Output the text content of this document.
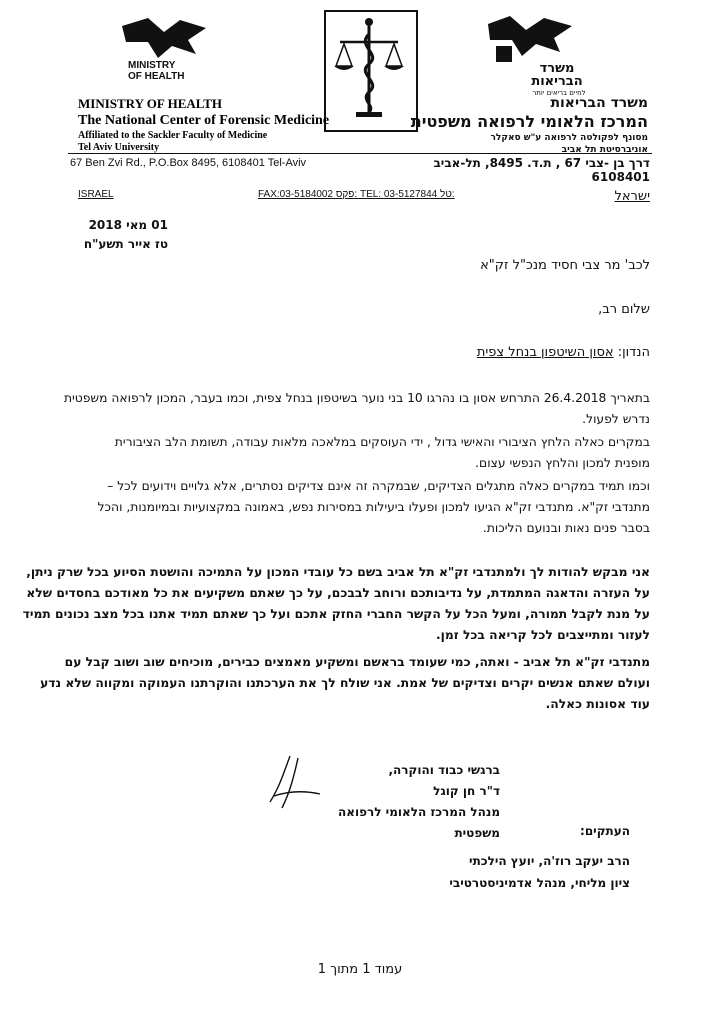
MINISTRY
OF HEALTH
משרד
הבריאות
לחיים בריאים יותר
MINISTRY OF HEALTH
The National Center of Forensic Medicine
Affiliated to the Sackler Faculty of Medicine
Tel Aviv University
משרד הבריאות
המרכז הלאומי לרפואה משפטית
מסונף לפקולטה לרפואה ע"ש סאקלר
אוניברסיטת תל אביב
67 Ben Zvi Rd., P.O.Box 8495, 6108401 Tel-Aviv	דרך בן -צבי 67 , ת.ד. 8495, תל-אביב 6108401
ISRAEL	FAX:03-5184002 פקס: TEL: 03-5127844 טל:	ישראל
01 מאי 2018
טז אייר תשע"ח
לכב' מר צבי חסיד מנכ"ל זק"א
שלום רב,
הנדון: אסון השיטפון בנחל צפית
בתאריך 26.4.2018 התרחש אסון בו נהרגו 10 בני נוער בשיטפון בנחל צפית, וכמו בעבר, המכון לרפואה משפטית
נדרש לפעול.
במקרים כאלה הלחץ הציבורי והאישי גדול , ידי העוסקים במלאכה מלאות עבודה, תשומת הלב הציבורית
מופנית למכון והלחץ הנפשי עצום.
וכמו תמיד במקרים כאלה מתגלים הצדיקים, שבמקרה זה אינם צדיקים נסתרים, אלא גלויים וידועים לכל –
מתנדבי זק"א. מתנדבי זק"א הגיעו למכון ופעלו ביעילות במסירות נפש, באמונה במקצועיות ובמיומנות, והכל
בסבר פנים נאות ובנועם הליכות.
אני מבקש להודות לך ולמתנדבי זק"א תל אביב בשם כל עובדי המכון על התמיכה והושטת הסיוע בכל שרק ניתן,
על העזרה והדאגה המתמדת, על נדיבותכם ורוחב לבבכם, על כך שאתם משקיעים את כל מאודכם בחסדים שלא
על מנת לקבל תמורה, ומעל הכל על הקשר החברי החזק אתכם ועל כך שאתם תמיד אתנו בכל מצב נכונים תמיד
לעזור ומתייצבים לכל קריאה בכל זמן.
מתנדבי זק"א תל אביב - ואתה, כמי שעומד בראשם ומשקיע מאמצים כבירים, מוכיחים שוב ושוב קבל עם
ועולם שאתם אנשים יקרים וצדיקים של אמת. אני שולח לך את הערכתנו והוקרתנו העמוקה ומקווה שלא נדע
עוד אסונות כאלה.
ברגשי כבוד והוקרה,
ד"ר חן קוגל
מנהל המרכז הלאומי לרפואה משפטית	העתקים:
הרב יעקב רוז'ה, יועץ הילכתי
ציון מליחי, מנהל אדמיניסטרטיבי
עמוד 1 מתוך 1
